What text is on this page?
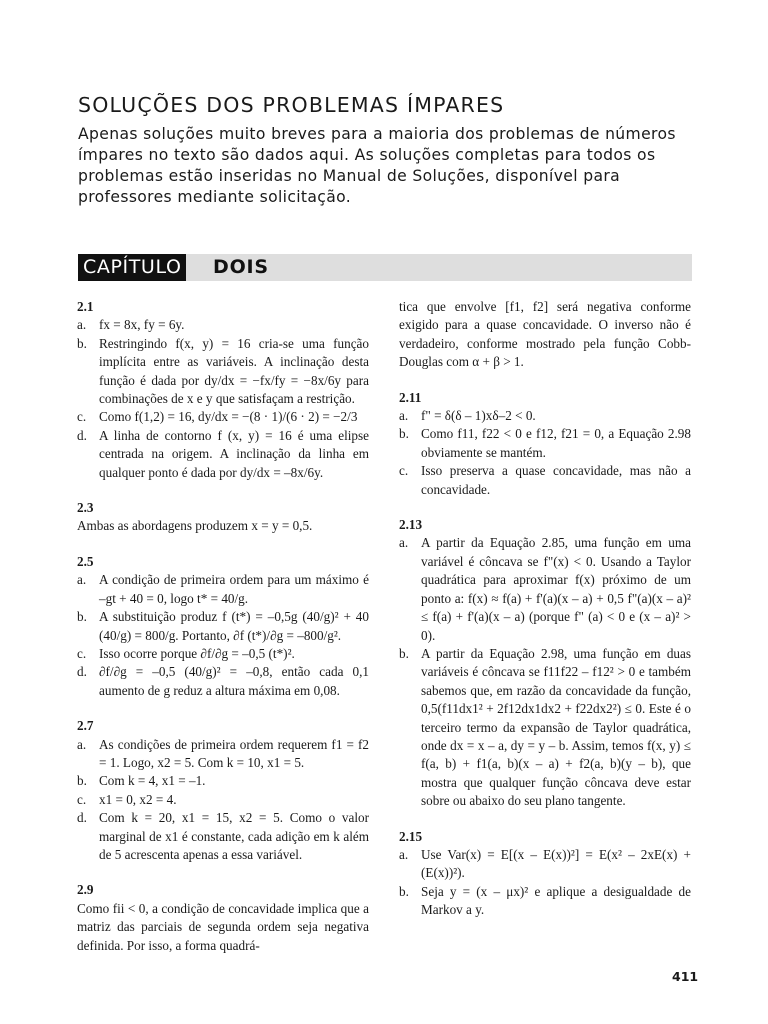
SOLUÇÕES DOS PROBLEMAS ÍMPARES

Apenas soluções muito breves para a maioria dos problemas de números ímpares no texto são dados aqui. As soluções completas para todos os problemas estão inseridas no Manual de Soluções, disponível para professores mediante solicitação.

CAPÍTULO DOIS
2.1
a. fx = 8x, fy = 6y.
b. Restringindo f(x, y) = 16 cria-se uma função implícita entre as variáveis. A inclinação desta função é dada por dy/dx = −fx/fy = −8x/6y para combinações de x e y que satisfaçam a restrição.
c. Como f(1,2) = 16, dy/dx = −(8 · 1)/(6 · 2) = −2/3
d. A linha de contorno f (x, y) = 16 é uma elipse centrada na origem. A inclinação da linha em qualquer ponto é dada por dy/dx = –8x/6y.
2.3

Ambas as abordagens produzem x = y = 0,5.

2.5
a. A condição de primeira ordem para um máximo é –gt + 40 = 0, logo t* = 40/g.
b. A substituição produz f (t*) = –0,5g (40/g)² + 40 (40/g) = 800/g. Portanto, ∂f (t*)/∂g = –800/g².
c. Isso ocorre porque ∂f/∂g = –0,5 (t*)².
d. ∂f/∂g = –0,5 (40/g)² = –0,8, então cada 0,1 aumento de g reduz a altura máxima em 0,08.
2.7
a. As condições de primeira ordem requerem f1 = f2 = 1. Logo, x2 = 5. Com k = 10, x1 = 5.
b. Com k = 4, x1 = –1.
c. x1 = 0, x2 = 4.
d. Com k = 20, x1 = 15, x2 = 5. Como o valor marginal de x1 é constante, cada adição em k além de 5 acrescenta apenas a essa variável.
2.9

Como fii < 0, a condição de concavidade implica que a matriz das parciais de segunda ordem seja negativa definida. Por isso, a forma quadrá-

tica que envolve [f1, f2] será negativa conforme exigido para a quase concavidade. O inverso não é verdadeiro, conforme mostrado pela função Cobb-Douglas com α + β > 1.

2.11
a. f" = δ(δ – 1)xδ–2 < 0.
b. Como f11, f22 < 0 e f12, f21 = 0, a Equação 2.98 obviamente se mantém.
c. Isso preserva a quase concavidade, mas não a concavidade.
2.13
a. A partir da Equação 2.85, uma função em uma variável é côncava se f"(x) < 0. Usando a Taylor quadrática para aproximar f(x) próximo de um ponto a: f(x) ≈ f(a) + f'(a)(x – a) + 0,5 f"(a)(x – a)² ≤ f(a) + f'(a)(x – a) (porque f" (a) < 0 e (x – a)² > 0).
b. A partir da Equação 2.98, uma função em duas variáveis é côncava se f11f22 – f12² > 0 e também sabemos que, em razão da concavidade da função, 0,5(f11dx1² + 2f12dx1dx2 + f22dx2²) ≤ 0. Este é o terceiro termo da expansão de Taylor quadrática, onde dx = x – a, dy = y – b. Assim, temos f(x, y) ≤ f(a, b) + f1(a, b)(x – a) + f2(a, b)(y – b), que mostra que qualquer função côncava deve estar sobre ou abaixo do seu plano tangente.
2.15
a. Use Var(x) = E[(x – E(x))²] = E(x² – 2xE(x) + (E(x))²).
b. Seja y = (x – μx)² e aplique a desigualdade de Markov a y.
411
